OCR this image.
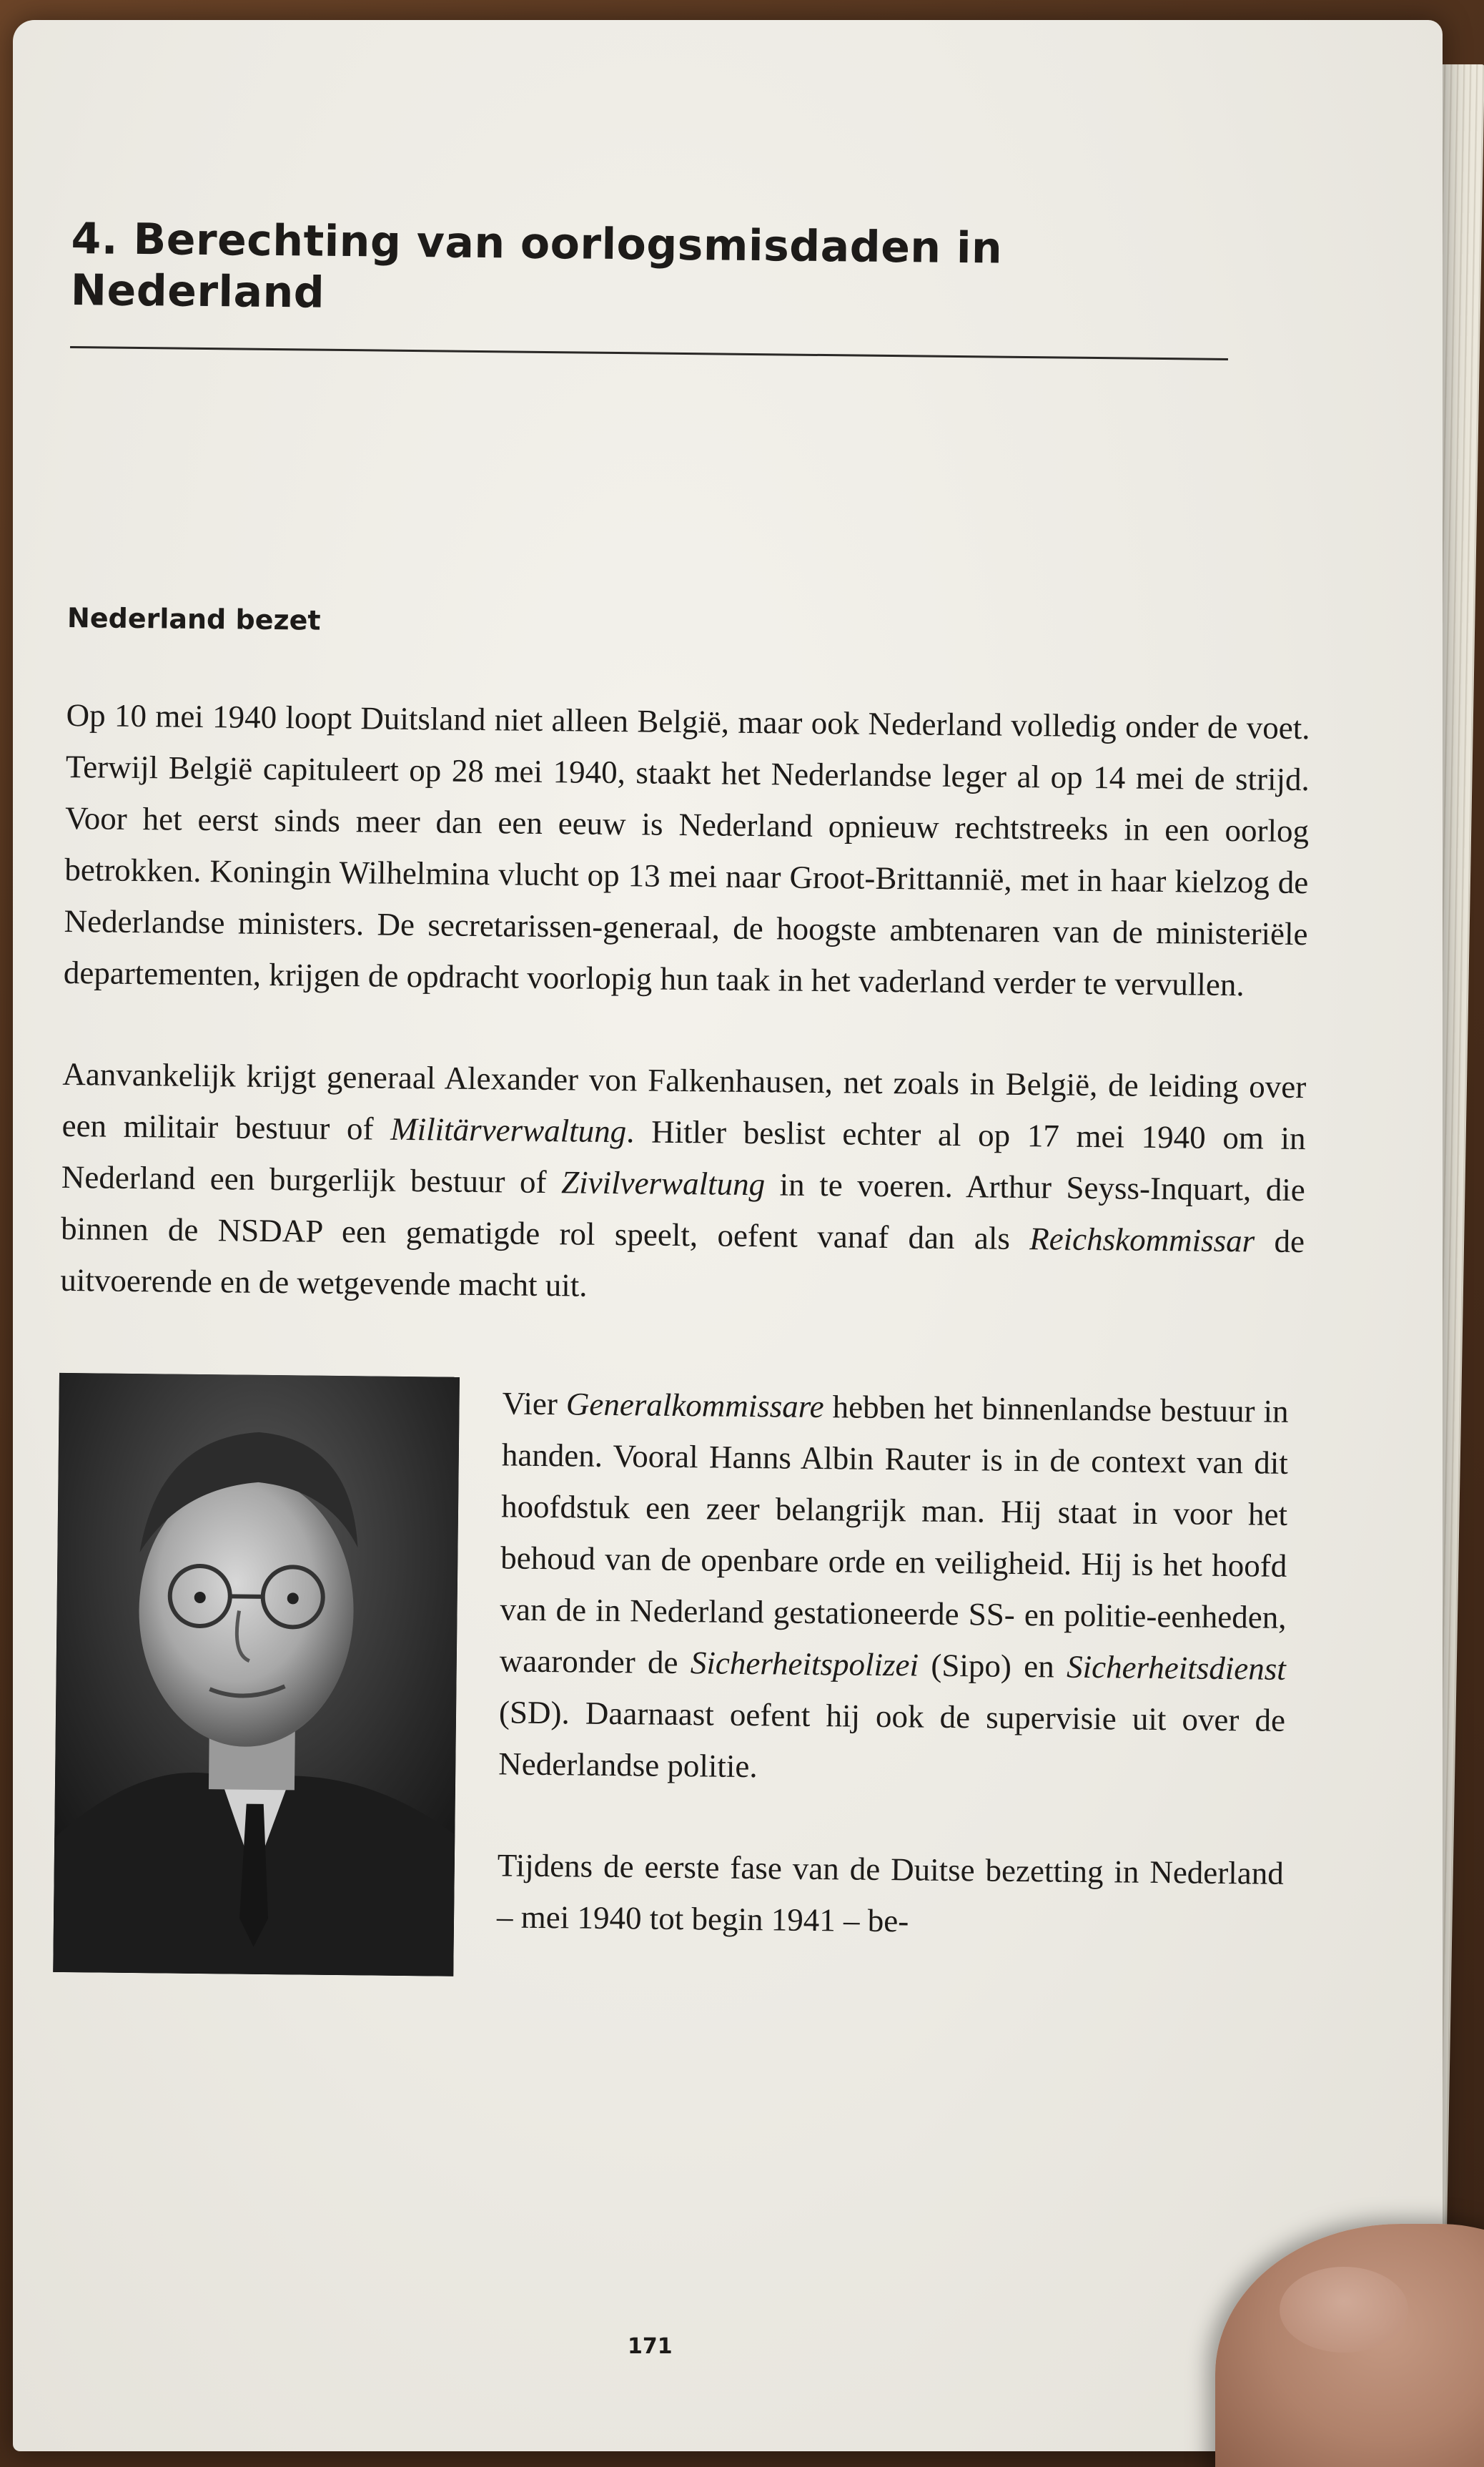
4. Berechting van oorlogsmisdaden in Nederland
Nederland bezet

Op 10 mei 1940 loopt Duitsland niet alleen België, maar ook Nederland volledig onder de voet. Terwijl België capituleert op 28 mei 1940, staakt het Nederlandse leger al op 14 mei de strijd. Voor het eerst sinds meer dan een eeuw is Nederland opnieuw rechtstreeks in een oorlog betrokken. Koningin Wilhelmina vlucht op 13 mei naar Groot-Brittannië, met in haar kielzog de Nederlandse ministers. De secretarissen-generaal, de hoogste ambtenaren van de ministeriële departementen, krijgen de opdracht voorlopig hun taak in het vaderland verder te vervullen.

Aanvankelijk krijgt generaal Alexander von Falkenhausen, net zoals in België, de leiding over een militair bestuur of Militärverwaltung. Hitler beslist echter al op 17 mei 1940 om in Nederland een burgerlijk bestuur of Zivilverwaltung in te voeren. Arthur Seyss-Inquart, die binnen de NSDAP een gematigde rol speelt, oefent vanaf dan als Reichskommissar de uitvoerende en de wetgevende macht uit.

Vier Generalkommissare hebben het binnenlandse bestuur in handen. Vooral Hanns Albin Rauter is in de context van dit hoofdstuk een zeer belangrijk man. Hij staat in voor het behoud van de openbare orde en veiligheid. Hij is het hoofd van de in Nederland gestationeerde SS- en politie-eenheden, waaronder de Sicherheitspolizei (Sipo) en Sicherheitsdienst (SD). Daarnaast oefent hij ook de supervisie uit over de Nederlandse politie.

Tijdens de eerste fase van de Duitse bezetting in Nederland – mei 1940 tot begin 1941 – be-

171
